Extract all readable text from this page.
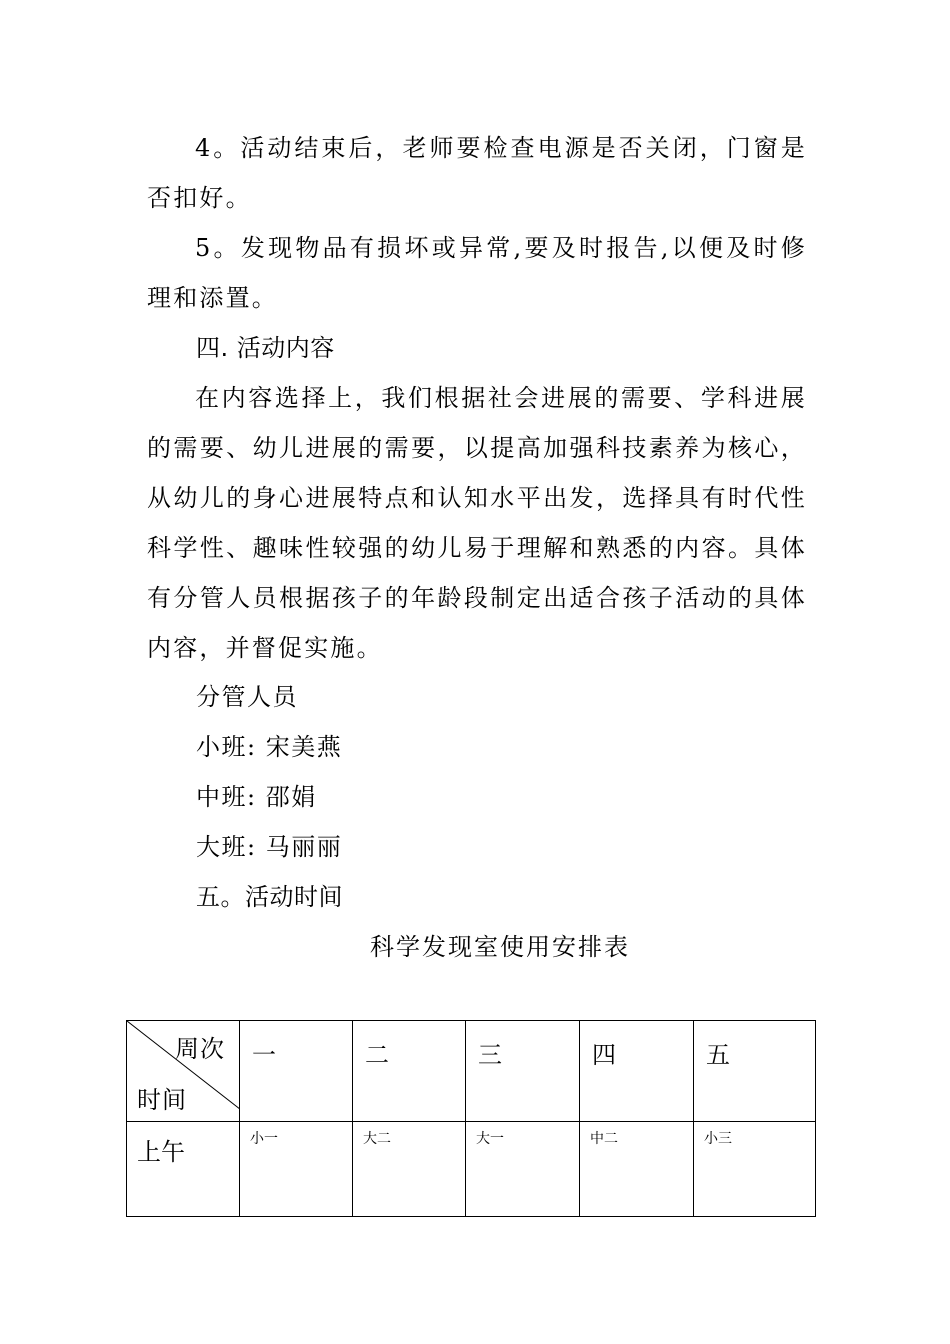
4。活动结束后，老师要检查电源是否关闭，门窗是否扣好。

5。发现物品有损坏或异常,要及时报告,以便及时修理和添置。

四. 活动内容

在内容选择上，我们根据社会进展的需要、学科进展的需要、幼儿进展的需要，以提高加强科技素养为核心，从幼儿的身心进展特点和认知水平出发，选择具有时代性科学性、趣味性较强的幼儿易于理解和熟悉的内容。具体有分管人员根据孩子的年龄段制定出适合孩子活动的具体内容，并督促实施。

分管人员

小班: 宋美燕

中班: 邵娟

大班: 马丽丽

五。活动时间

科学发现室使用安排表
周次
时间	一	二	三	四	五

上午	小一	大二	大一	中二	小三
